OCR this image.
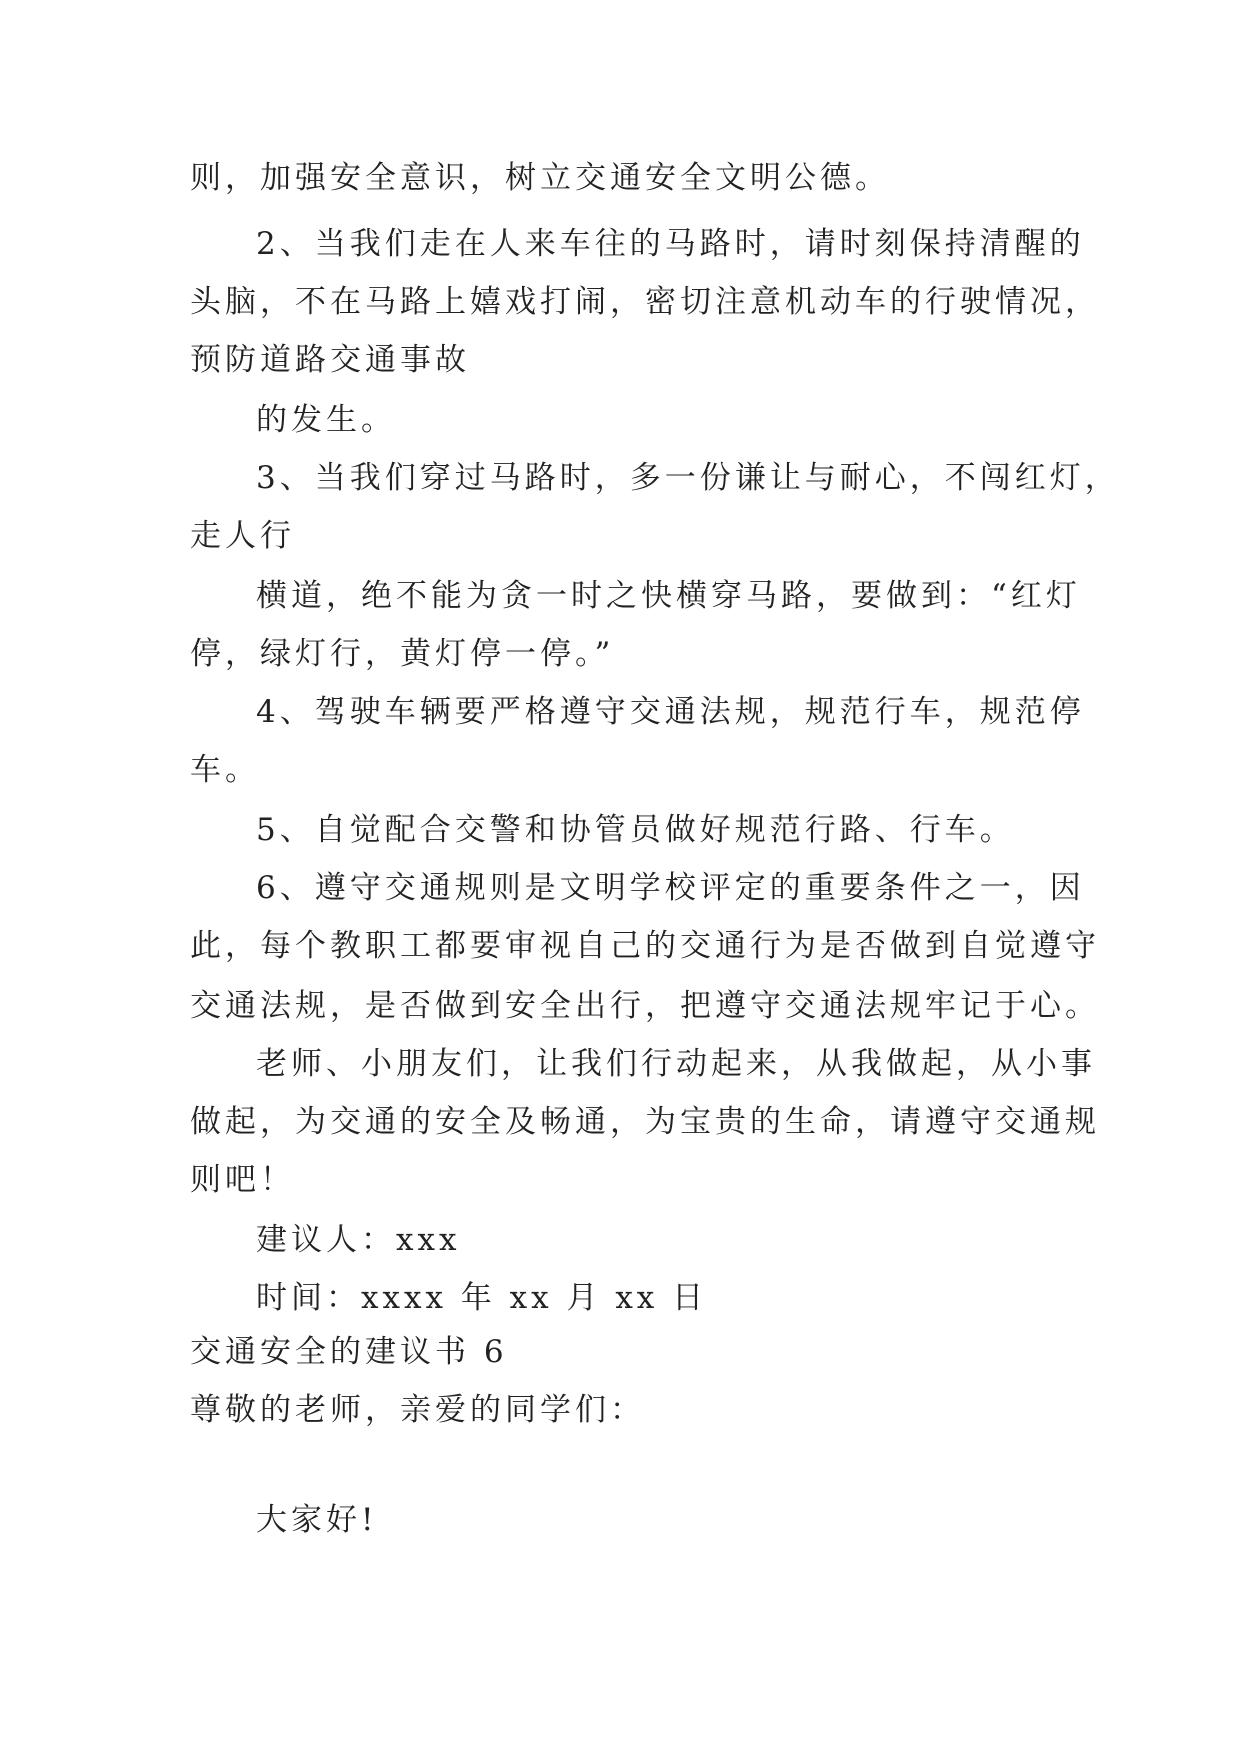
则，加强安全意识，树立交通安全文明公德。
2、当我们走在人来车往的马路时，请时刻保持清醒的
头脑，不在马路上嬉戏打闹，密切注意机动车的行驶情况，
预防道路交通事故
的发生。
3、当我们穿过马路时，多一份谦让与耐心，不闯红灯，
走人行
横道，绝不能为贪一时之快横穿马路，要做到：“红灯
停，绿灯行，黄灯停一停。”
4、驾驶车辆要严格遵守交通法规，规范行车，规范停
车。
5、自觉配合交警和协管员做好规范行路、行车。
6、遵守交通规则是文明学校评定的重要条件之一，因
此，每个教职工都要审视自己的交通行为是否做到自觉遵守
交通法规，是否做到安全出行，把遵守交通法规牢记于心。
老师、小朋友们，让我们行动起来，从我做起，从小事
做起，为交通的安全及畅通，为宝贵的生命，请遵守交通规
则吧！
建议人：xxx
时间：xxxx 年 xx 月 xx 日
交通安全的建议书 6
尊敬的老师，亲爱的同学们：
大家好!
